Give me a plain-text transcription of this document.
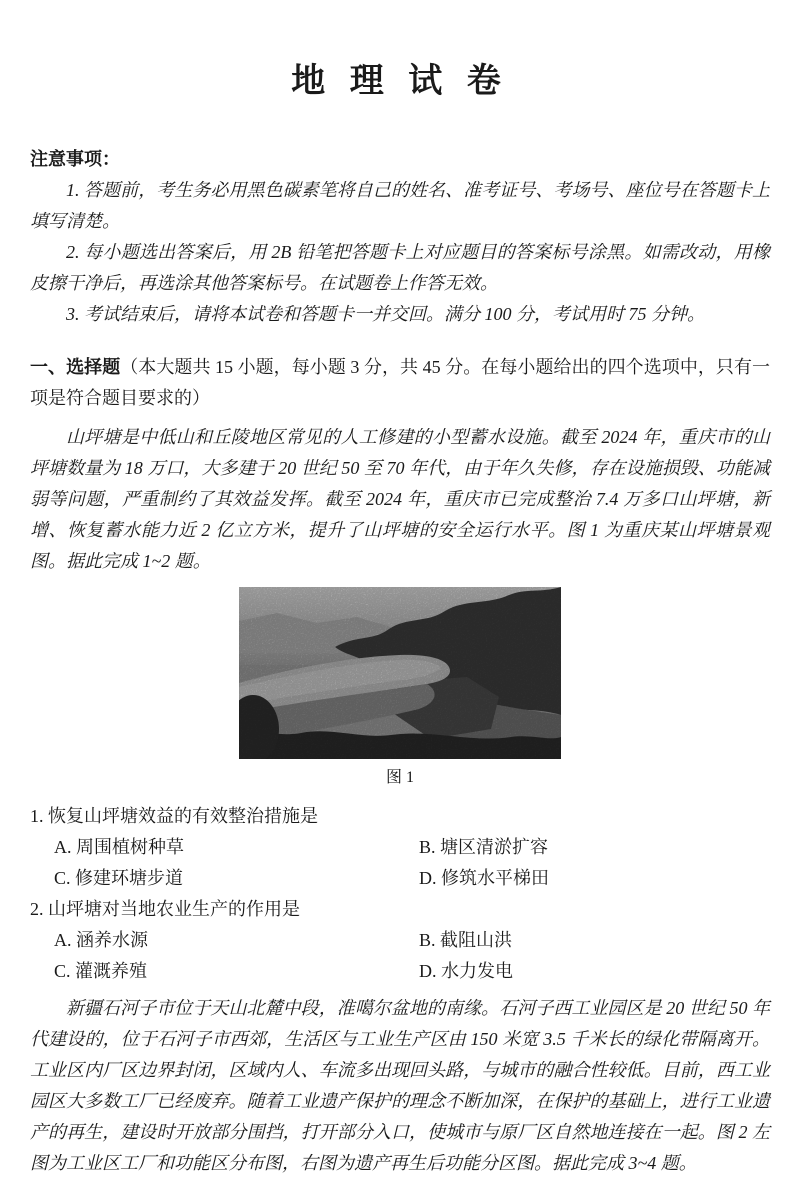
地 理 试 卷
注意事项：

1. 答题前，考生务必用黑色碳素笔将自己的姓名、准考证号、考场号、座位号在答题卡上填写清楚。

2. 每小题选出答案后，用 2B 铅笔把答题卡上对应题目的答案标号涂黑。如需改动，用橡皮擦干净后，再选涂其他答案标号。在试题卷上作答无效。

3. 考试结束后，请将本试卷和答题卡一并交回。满分 100 分，考试用时 75 分钟。

一、选择题（本大题共 15 小题，每小题 3 分，共 45 分。在每小题给出的四个选项中，只有一项是符合题目要求的）

山坪塘是中低山和丘陵地区常见的人工修建的小型蓄水设施。截至 2024 年，重庆市的山坪塘数量为 18 万口，大多建于 20 世纪 50 至 70 年代，由于年久失修，存在设施损毁、功能减弱等问题，严重制约了其效益发挥。截至 2024 年，重庆市已完成整治 7.4 万多口山坪塘，新增、恢复蓄水能力近 2 亿立方米，提升了山坪塘的安全运行水平。图 1 为重庆某山坪塘景观图。据此完成 1~2 题。

图 1

1. 恢复山坪塘效益的有效整治措施是

A. 周围植树种草	B. 塘区清淤扩容
C. 修建环塘步道	D. 修筑水平梯田

2. 山坪塘对当地农业生产的作用是

A. 涵养水源	B. 截阻山洪
C. 灌溉养殖	D. 水力发电

新疆石河子市位于天山北麓中段，准噶尔盆地的南缘。石河子西工业园区是 20 世纪 50 年代建设的，位于石河子市西郊，生活区与工业生产区由 150 米宽 3.5 千米长的绿化带隔离开。工业区内厂区边界封闭，区域内人、车流多出现回头路，与城市的融合性较低。目前，西工业园区大多数工厂已经废弃。随着工业遗产保护的理念不断加深，在保护的基础上，进行工业遗产的再生，建设时开放部分围挡，打开部分入口，使城市与原厂区自然地连接在一起。图 2 左图为工业区工厂和功能区分布图，右图为遗产再生后功能分区图。据此完成 3~4 题。
